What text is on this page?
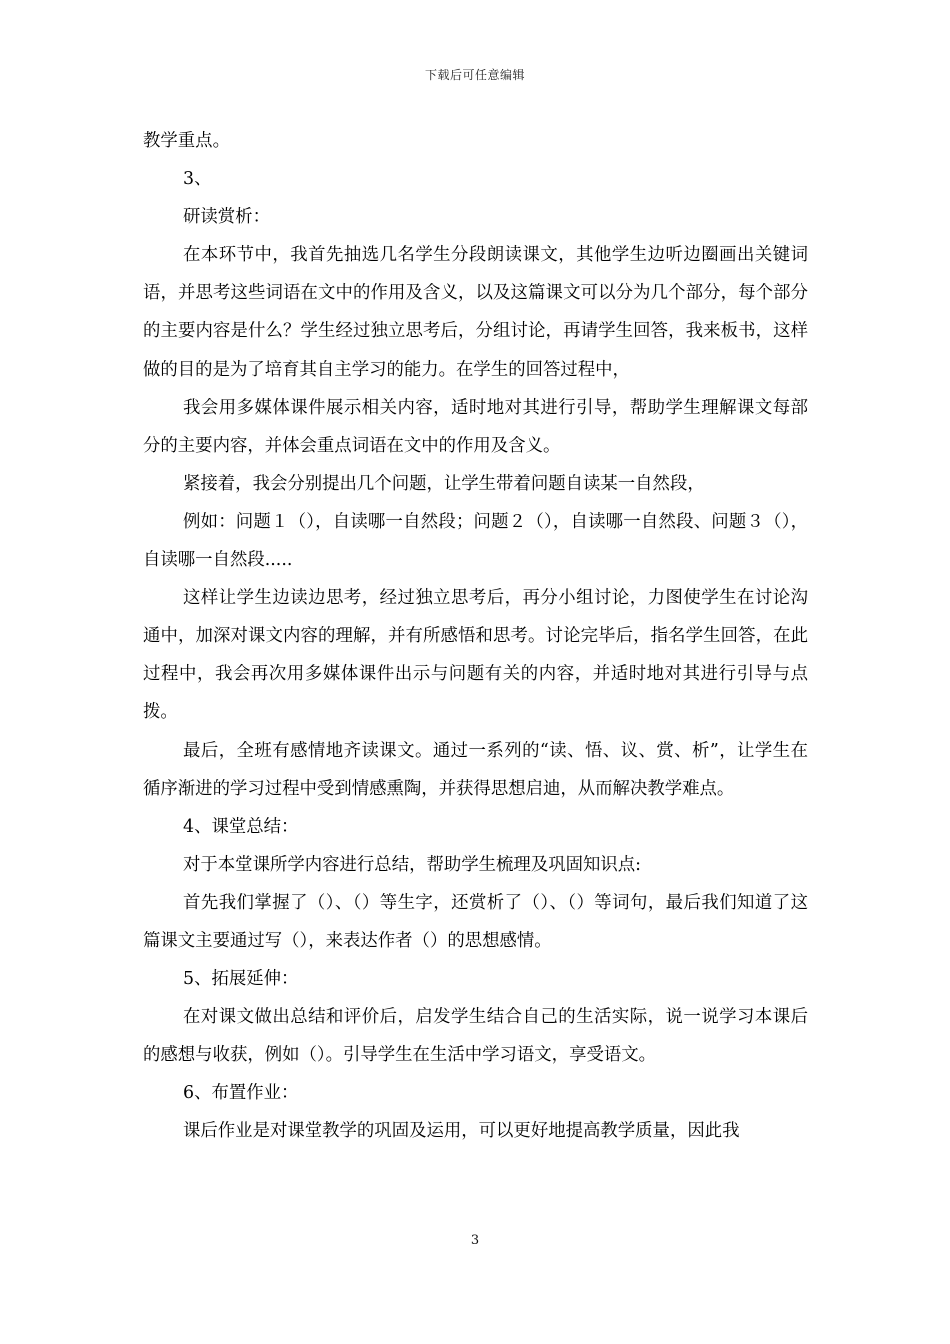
下载后可任意编辑

教学重点。

3、

研读赏析：

在本环节中，我首先抽选几名学生分段朗读课文，其他学生边听边圈画出关键词语，并思考这些词语在文中的作用及含义，以及这篇课文可以分为几个部分，每个部分的主要内容是什么？学生经过独立思考后，分组讨论，再请学生回答，我来板书，这样做的目的是为了培育其自主学习的能力。在学生的回答过程中，

我会用多媒体课件展示相关内容，适时地对其进行引导，帮助学生理解课文每部分的主要内容，并体会重点词语在文中的作用及含义。

紧接着，我会分别提出几个问题，让学生带着问题自读某一自然段，

例如：问题１（），自读哪一自然段；问题２（），自读哪一自然段、问题３（），自读哪一自然段.....

这样让学生边读边思考，经过独立思考后，再分小组讨论，力图使学生在讨论沟通中，加深对课文内容的理解，并有所感悟和思考。讨论完毕后，指名学生回答，在此过程中，我会再次用多媒体课件出示与问题有关的内容，并适时地对其进行引导与点拨。

最后，全班有感情地齐读课文。通过一系列的“读、悟、议、赏、析”，让学生在循序渐进的学习过程中受到情感熏陶，并获得思想启迪，从而解决教学难点。

4、课堂总结：

对于本堂课所学内容进行总结，帮助学生梳理及巩固知识点:

首先我们掌握了（）、（）等生字，还赏析了（）、（）等词句，最后我们知道了这篇课文主要通过写（），来表达作者（）的思想感情。

5、拓展延伸：

在对课文做出总结和评价后，启发学生结合自己的生活实际，说一说学习本课后的感想与收获，例如（）。引导学生在生活中学习语文，享受语文。

6、布置作业：

课后作业是对课堂教学的巩固及运用，可以更好地提高教学质量，因此我

3
